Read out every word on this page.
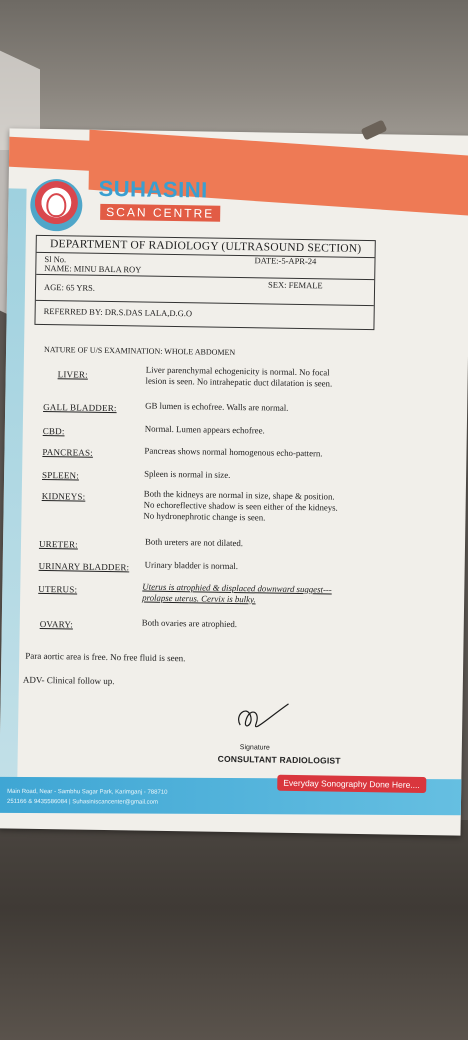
SUHASINI
SCAN CENTRE
DEPARTMENT OF RADIOLOGY (ULTRASOUND SECTION)
Sl No.
NAME: MINU BALA ROY
DATE:-5-APR-24
AGE: 65 YRS.	SEX: FEMALE
REFERRED BY: DR.S.DAS LALA,D.G.O
NATURE OF U/S EXAMINATION: WHOLE ABDOMEN
LIVER:	Liver parenchymal echogenicity is normal. No focal
lesion is seen. No intrahepatic duct dilatation is seen.
GALL BLADDER:	GB lumen is echofree. Walls are normal.
CBD:	Normal. Lumen appears echofree.
PANCREAS:	Pancreas shows normal homogenous echo-pattern.
SPLEEN:	Spleen is normal in size.
KIDNEYS:	Both the kidneys are normal in size, shape & position.
No echoreflective shadow is seen either of the kidneys.
No hydronephrotic change is seen.
URETER:	Both ureters are not dilated.
URINARY BLADDER: Urinary bladder is normal.
UTERUS:	Uterus is atrophied & displaced downward suggest---
prolapse uterus. Cervix is bulky.
OVARY:	Both ovaries are atrophied.
Para aortic area is free. No free fluid is seen.
ADV- Clinical follow up.
Signature
CONSULTANT RADIOLOGIST
Main Road, Near - Sambhu Sagar Park, Karimganj - 788710
251166 & 9435586084 | Suhasiniscancenter@gmail.com
Everyday Sonography Done Here....
